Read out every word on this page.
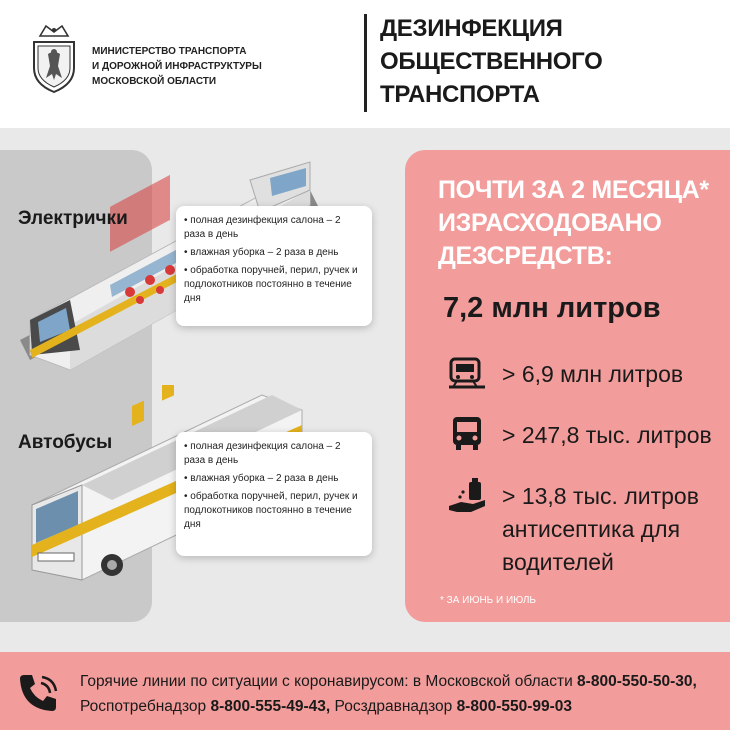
МИНИСТЕРСТВО ТРАНСПОРТА
И ДОРОЖНОЙ ИНФРАСТРУКТУРЫ
МОСКОВСКОЙ ОБЛАСТИ
ДЕЗИНФЕКЦИЯ
ОБЩЕСТВЕННОГО
ТРАНСПОРТА
Электрички
Автобусы
• полная дезинфекция салона – 2 раза в день
• влажная уборка – 2 раза в день
• обработка поручней, перил, ручек и подлокотников постоянно в течение дня
• полная дезинфекция салона – 2 раза в день
• влажная уборка – 2 раза в день
• обработка поручней, перил, ручек и подлокотников постоянно в течение дня
ПОЧТИ ЗА 2 МЕСЯЦА*
ИЗРАСХОДОВАНО
ДЕЗСРЕДСТВ:
7,2 млн литров
> 6,9 млн литров
> 247,8 тыс. литров
> 13,8 тыс. литров
антисептика для
водителей
* ЗА ИЮНЬ И ИЮЛЬ
Горячие линии по ситуации с коронавирусом: в Московской области 8-800-550-50-30,
Роспотребнадзор 8-800-555-49-43, Росздравнадзор 8-800-550-99-03
